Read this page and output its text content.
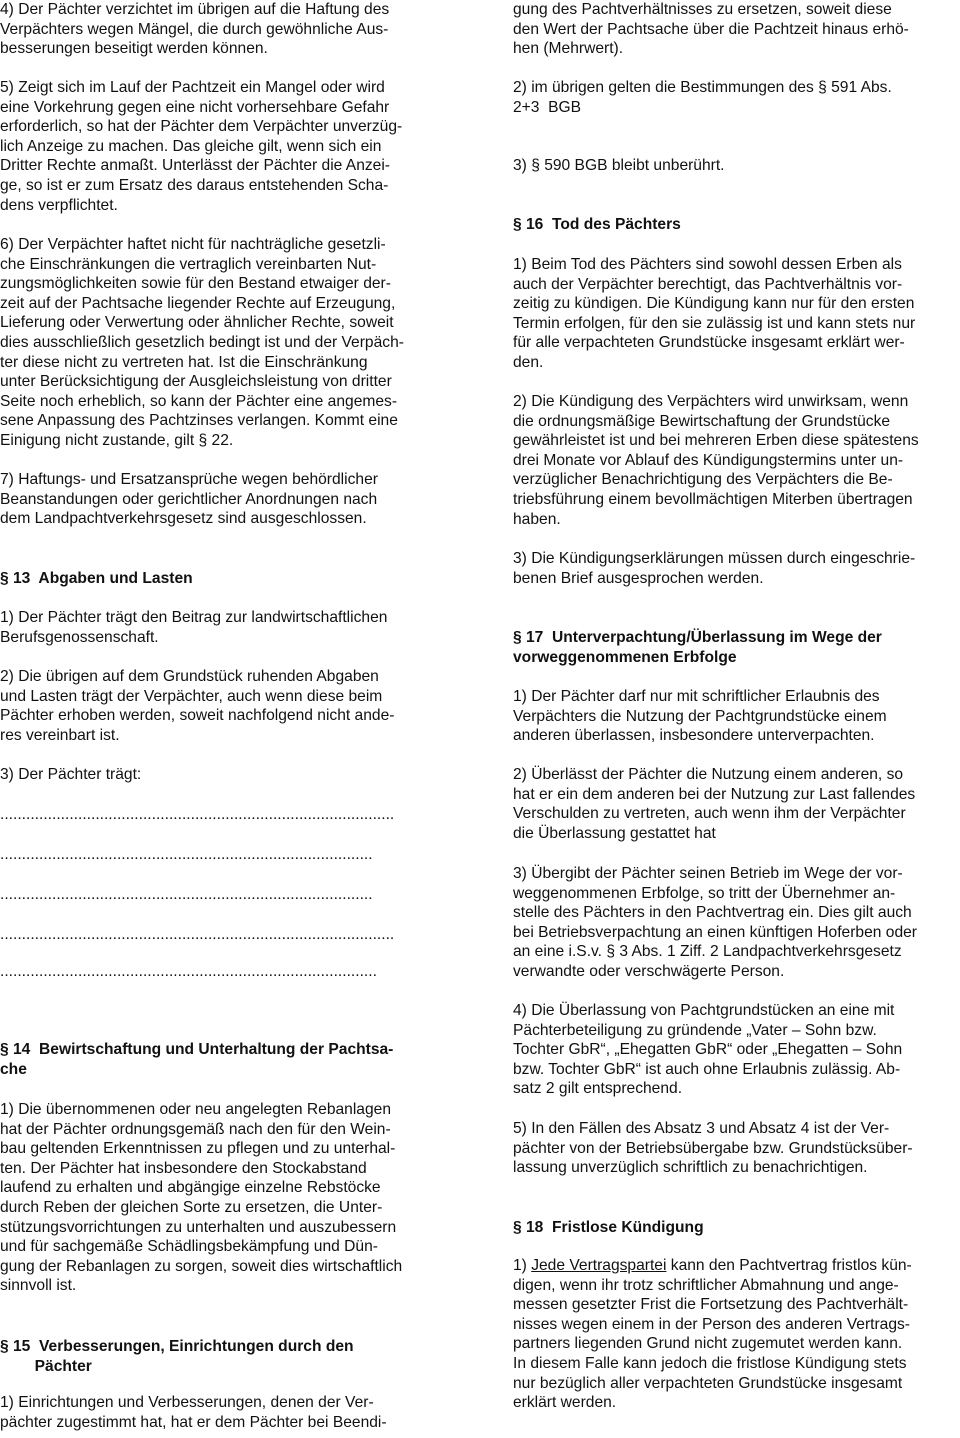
4) Der Pächter verzichtet im übrigen auf die Haftung des
Verpächters wegen Mängel, die durch gewöhnliche Aus-
besserungen beseitigt werden können.
5) Zeigt sich im Lauf der Pachtzeit ein Mangel oder wird
eine Vorkehrung gegen eine nicht vorhersehbare Gefahr
erforderlich, so hat der Pächter dem Verpächter unverzüg-
lich Anzeige zu machen. Das gleiche gilt, wenn sich ein
Dritter Rechte anmaßt. Unterlässt der Pächter die Anzei-
ge, so ist er zum Ersatz des daraus entstehenden Scha-
dens verpflichtet.
6) Der Verpächter haftet nicht für nachträgliche gesetzli-
che Einschränkungen die vertraglich vereinbarten Nut-
zungsmöglichkeiten sowie für den Bestand etwaiger der-
zeit auf der Pachtsache liegender Rechte auf Erzeugung,
Lieferung oder Verwertung oder ähnlicher Rechte, soweit
dies ausschließlich gesetzlich bedingt ist und der Verpäch-
ter diese nicht zu vertreten hat. Ist die Einschränkung
unter Berücksichtigung der Ausgleichsleistung von dritter
Seite noch erheblich, so kann der Pächter eine angemes-
sene Anpassung des Pachtzinses verlangen. Kommt eine
Einigung nicht zustande, gilt § 22.
7) Haftungs- und Ersatzansprüche wegen behördlicher
Beanstandungen oder gerichtlicher Anordnungen nach
dem Landpachtverkehrsgesetz sind ausgeschlossen.
§ 13  Abgaben und Lasten
1) Der Pächter trägt den Beitrag zur landwirtschaftlichen
Berufsgenossenschaft.
2) Die übrigen auf dem Grundstück ruhenden Abgaben
und Lasten trägt der Verpächter, auch wenn diese beim
Pächter erhoben werden, soweit nachfolgend nicht ande-
res vereinbart ist.
3) Der Pächter trägt:
...........................................................................................
......................................................................................
......................................................................................
...........................................................................................
.......................................................................................
§ 14  Bewirtschaftung und Unterhaltung der Pachtsa-
che
1) Die übernommenen oder neu angelegten Rebanlagen
hat der Pächter ordnungsgemäß nach den für den Wein-
bau geltenden Erkenntnissen zu pflegen und zu unterhal-
ten. Der Pächter hat insbesondere den Stockabstand
laufend zu erhalten und abgängige einzelne Rebstöcke
durch Reben der gleichen Sorte zu ersetzen, die Unter-
stützungsvorrichtungen zu unterhalten und auszubessern
und für sachgemäße Schädlingsbekämpfung und Dün-
gung der Rebanlagen zu sorgen, soweit dies wirtschaftlich
sinnvoll ist.
§ 15  Verbesserungen, Einrichtungen durch den
Pächter
1) Einrichtungen und Verbesserungen, denen der Ver-
pächter zugestimmt hat, hat er dem Pächter bei Beendi-
gung des Pachtverhältnisses zu ersetzen, soweit diese
den Wert der Pachtsache über die Pachtzeit hinaus erhö-
hen (Mehrwert).
2) im übrigen gelten die Bestimmungen des § 591 Abs.
2+3  BGB
3) § 590 BGB bleibt unberührt.
§ 16  Tod des Pächters
1) Beim Tod des Pächters sind sowohl dessen Erben als
auch der Verpächter berechtigt, das Pachtverhältnis vor-
zeitig zu kündigen. Die Kündigung kann nur für den ersten
Termin erfolgen, für den sie zulässig ist und kann stets nur
für alle verpachteten Grundstücke insgesamt erklärt wer-
den.
2) Die Kündigung des Verpächters wird unwirksam, wenn
die ordnungsmäßige Bewirtschaftung der Grundstücke
gewährleistet ist und bei mehreren Erben diese spätestens
drei Monate vor Ablauf des Kündigungstermins unter un-
verzüglicher Benachrichtigung des Verpächters die Be-
triebsführung einem bevollmächtigen Miterben übertragen
haben.
3) Die Kündigungserklärungen müssen durch eingeschrie-
benen Brief ausgesprochen werden.
§ 17  Unterverpachtung/Überlassung im Wege der
vorweggenommenen Erbfolge
1) Der Pächter darf nur mit schriftlicher Erlaubnis des
Verpächters die Nutzung der Pachtgrundstücke einem
anderen überlassen, insbesondere unterverpachten.
2) Überlässt der Pächter die Nutzung einem anderen, so
hat er ein dem anderen bei der Nutzung zur Last fallendes
Verschulden zu vertreten, auch wenn ihm der Verpächter
die Überlassung gestattet hat
3) Übergibt der Pächter seinen Betrieb im Wege der vor-
weggenommenen Erbfolge, so tritt der Übernehmer an-
stelle des Pächters in den Pachtvertrag ein. Dies gilt auch
bei Betriebsverpachtung an einen künftigen Hoferben oder
an eine i.S.v. § 3 Abs. 1 Ziff. 2 Landpachtverkehrsgesetz
verwandte oder verschwägerte Person.
4) Die Überlassung von Pachtgrundstücken an eine mit
Pächterbeteiligung zu gründende „Vater – Sohn bzw.
Tochter GbR“, „Ehegatten GbR“ oder „Ehegatten – Sohn
bzw. Tochter GbR“ ist auch ohne Erlaubnis zulässig. Ab-
satz 2 gilt entsprechend.
5) In den Fällen des Absatz 3 und Absatz 4 ist der Ver-
pächter von der Betriebsübergabe bzw. Grundstücksüber-
lassung unverzüglich schriftlich zu benachrichtigen.
§ 18  Fristlose Kündigung
1) Jede Vertragspartei kann den Pachtvertrag fristlos kün-
digen, wenn ihr trotz schriftlicher Abmahnung und ange-
messen gesetzter Frist die Fortsetzung des Pachtverhält-
nisses wegen einem in der Person des anderen Vertrags-
partners liegenden Grund nicht zugemutet werden kann.
In diesem Falle kann jedoch die fristlose Kündigung stets
nur bezüglich aller verpachteten Grundstücke insgesamt
erklärt werden.
